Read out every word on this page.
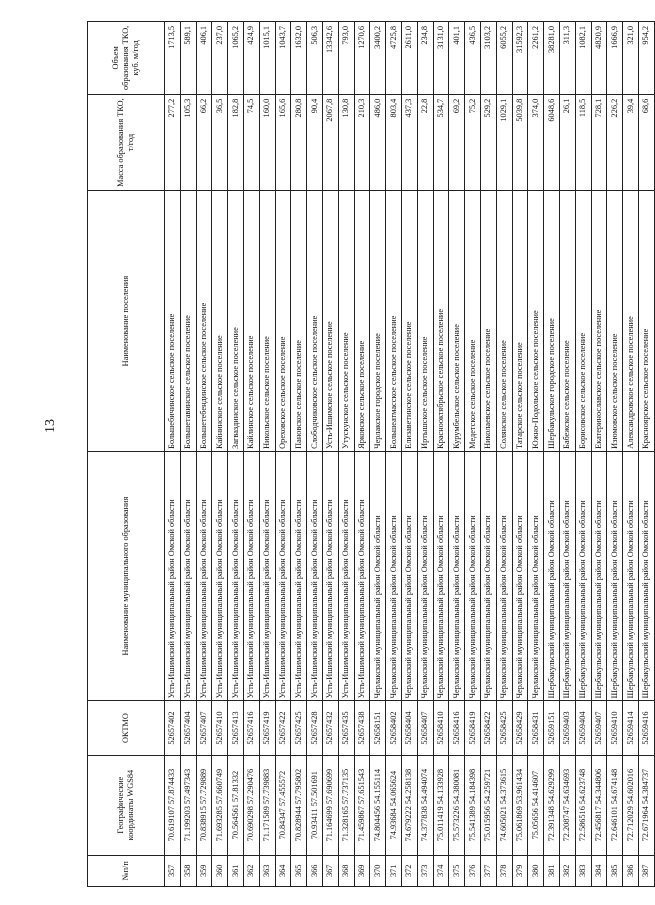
13
№п/п	Географические координаты WGS84	ОКТМО	Наименование муниципального образования	Наименование поселения	Масса образования ТКО, т/год	Объем образования ТКО, куб. м/год
357	70.619107 57.874433	52657402	Усть-Ишимский муниципальный район Омской области	Большебичинское сельское поселение	277,2	1713,5
358	71.199203 57.497343	52657404	Усть-Ишимский муниципальный район Омской области	Большетавинское сельское поселение	105,3	589,1
359	70.838915 57.729889	52657407	Усть-Ишимский муниципальный район Омской области	Большетебендинское сельское поселение	66,2	406,1
360	71.693285 57.660749	52657410	Усть-Ишимский муниципальный район Омской области	Кайнинское сельское поселение	36,5	237,0
361	70.564561 57.81332	52657413	Усть-Ишимский муниципальный район Омской области	Загваздинское сельское поселение	182,8	1065,2
362	70.690298 57.290476	52657416	Усть-Ишимский муниципальный район Омской области	Кайлинское сельское поселение	74,5	424,9
363	71.171589 57.739883	52657419	Усть-Ишимский муниципальный район Омской области	Никольское сельское поселение	160,0	1015,1
364	70.84347 57.455572	52657422	Усть-Ишимский муниципальный район Омской области	Ореховское сельское поселение	165,6	1043,7
365	70.828944 57.795802	52657425	Усть-Ишимский муниципальный район Омской области	Пановское сельское поселение	280,8	1632,0
366	70.93411 57.501691	52657428	Усть-Ишимский муниципальный район Омской области	Слободчиковское сельское поселение	90,4	506,3
367	71.164699 57.690699	52657432	Усть-Ишимский муниципальный район Омской области	Усть-Ишимское сельское поселение	2067,8	13342,6
368	71.328165 57.737135	52657435	Усть-Ишимский муниципальный район Омской области	Утускунское сельское поселение	130,8	793,0
369	71.459867 57.651543	52657438	Усть-Ишимский муниципальный район Омской области	Ярковское сельское поселение	210,3	1270,6
370	74.804456 54.155114	52658151	Черлакский муниципальный район Омской области	Черлакское городское поселение	486,0	3400,2
371	74.93684 54.065624	52658402	Черлакский муниципальный район Омской области	Большеатмасское сельское поселение	803,4	4725,8
372	74.679222 54.258138	52658404	Черлакский муниципальный район Омской области	Елизаветинское сельское поселение	437,3	2611,0
373	74.377838 54.494074	52658407	Черлакский муниципальный район Омской области	Иртышское сельское поселение	22,8	234,8
374	75.011419 54.133928	52658410	Черлакский муниципальный район Омской области	Краснооктябрьское сельское поселение	534,7	3131,0
375	75.573226 54.380081	52658416	Черлакский муниципальный район Омской области	Курумбельское сельское поселение	69,2	401,1
376	75.541389 54.184398	52658419	Черлакский муниципальный район Омской области	Медетское сельское поселение	75,2	436,5
377	75.015956 54.259721	52658422	Черлакский муниципальный район Омской области	Николаевское сельское поселение	529,2	3103,2
378	74.605021 54.373615	52658425	Черлакский муниципальный район Омской области	Солянское сельское поселение	1029,1	6055,2
379	75.061869 53.961434	52658429	Черлакский муниципальный район Омской области	Татарское сельское поселение	5039,8	31592,3
380	75.05656 54.414607	52658431	Черлакский муниципальный район Омской области	Южно-Подольское сельское поселение	374,0	2261,2
381	72.391348 54.629299	52659151	Шербакульский муниципальный район Омской области	Шербакульское городское поселение	6048,6	38281,0
382	72.208747 54.634693	52659403	Шербакульский муниципальный район Омской области	Бабежское сельское поселение	26,1	311,3
383	72.586516 54.623748	52659404	Шербакульский муниципальный район Омской области	Борисовское сельское поселение	118,5	1082,1
384	72.456817 54.344806	52659407	Шербакульский муниципальный район Омской области	Екатеринославское сельское поселение	728,1	4820,9
385	72.646101 54.674148	52659410	Шербакульский муниципальный район Омской области	Изюмовское сельское поселение	226,2	1666,9
386	72.712029 54.602016	52659414	Шербакульский муниципальный район Омской области	Александровское сельское поселение	39,4	321,0
387	72.671964 54.384737	52659416	Шербакульский муниципальный район Омской области	Красноярское сельское поселение	68,6	954,2
